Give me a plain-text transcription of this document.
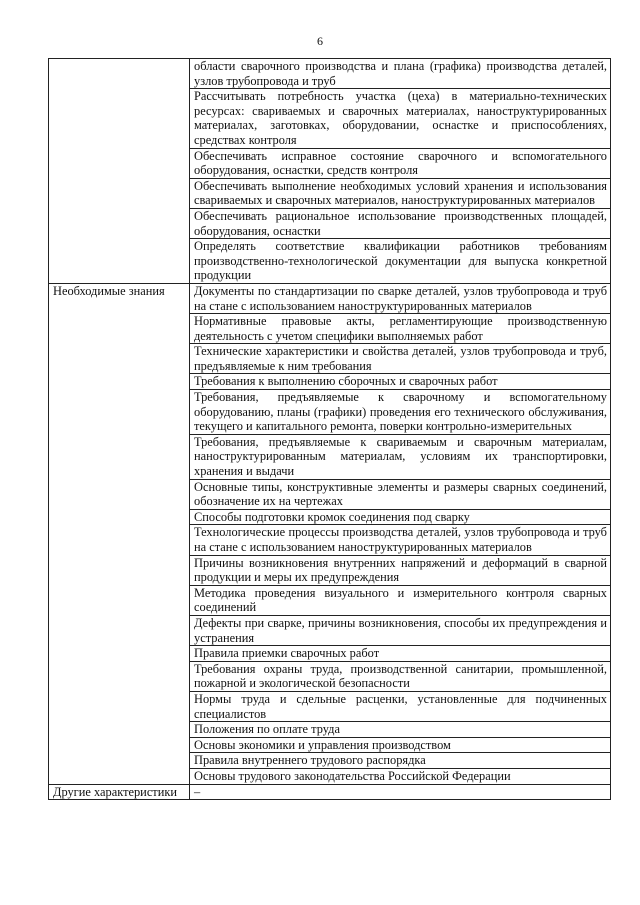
6
	области сварочного производства и плана (графика) производства деталей, узлов трубопровода и труб
	Рассчитывать потребность участка (цеха) в материально-технических ресурсах: свариваемых и сварочных материалах, наноструктурированных материалах, заготовках, оборудовании, оснастке и приспособлениях, средствах контроля
	Обеспечивать исправное состояние сварочного и вспомогательного оборудования, оснастки, средств контроля
	Обеспечивать выполнение необходимых условий хранения и использования свариваемых и сварочных материалов, наноструктурированных материалов
	Обеспечивать рациональное использование производственных площадей, оборудования, оснастки
	Определять соответствие квалификации работников требованиям производственно-технологической документации для выпуска конкретной продукции
Необходимые знания	Документы по стандартизации по сварке деталей, узлов трубопровода и труб на стане с использованием наноструктурированных материалов
	Нормативные правовые акты, регламентирующие производственную деятельность с учетом специфики выполняемых работ
	Технические характеристики и свойства деталей, узлов трубопровода и труб, предъявляемые к ним требования
	Требования к выполнению сборочных и сварочных работ
	Требования, предъявляемые к сварочному и вспомогательному оборудованию, планы (графики) проведения его технического обслуживания, текущего и капитального ремонта, поверки контрольно-измерительных
	Требования, предъявляемые к свариваемым и сварочным материалам, наноструктурированным материалам, условиям их транспортировки, хранения и выдачи
	Основные типы, конструктивные элементы и размеры сварных соединений, обозначение их на чертежах
	Способы подготовки кромок соединения под сварку
	Технологические процессы производства деталей, узлов трубопровода и труб на стане с использованием наноструктурированных материалов
	Причины возникновения внутренних напряжений и деформаций в сварной продукции и меры их предупреждения
	Методика проведения визуального и измерительного контроля сварных соединений
	Дефекты при сварке, причины возникновения, способы их предупреждения и устранения
	Правила приемки сварочных работ
	Требования охраны труда, производственной санитарии, промышленной, пожарной и экологической безопасности
	Нормы труда и сдельные расценки, установленные для подчиненных специалистов
	Положения по оплате труда
	Основы экономики и управления производством
	Правила внутреннего трудового распорядка
	Основы трудового законодательства Российской Федерации
Другие характеристики	–
